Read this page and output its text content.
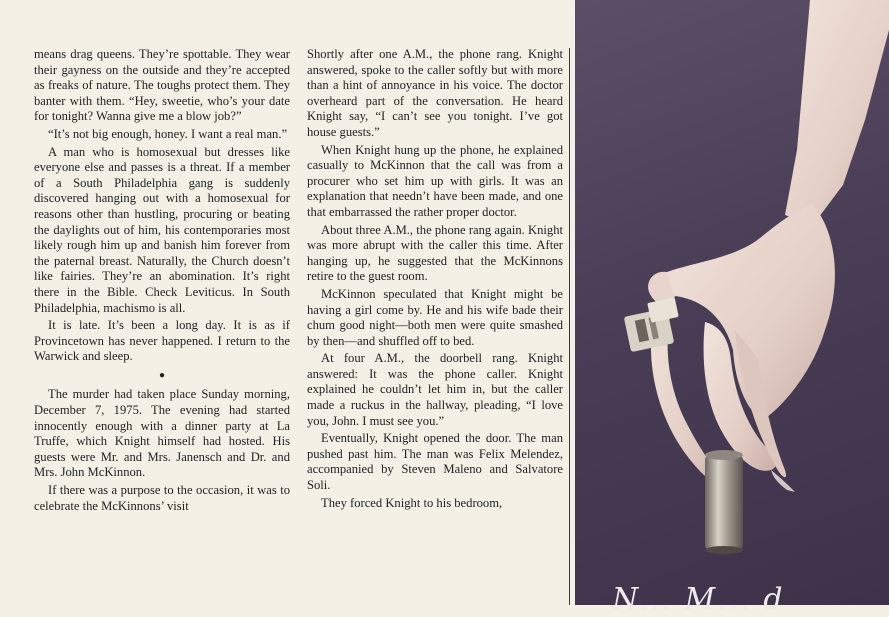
means drag queens. They’re spottable. They wear their gayness on the outside and they’re accepted as freaks of nature. The toughs protect them. They banter with them. “Hey, sweetie, who’s your date for tonight? Wanna give me a blow job?”

“It’s not big enough, honey. I want a real man.”

A man who is homosexual but dresses like everyone else and passes is a threat. If a member of a South Philadelphia gang is suddenly discovered hanging out with a homosexual for reasons other than hustling, procuring or beating the daylights out of him, his contemporaries most likely rough him up and banish him forever from the paternal breast. Naturally, the Church doesn’t like fairies. They’re an abomination. It’s right there in the Bible. Check Leviticus. In South Philadelphia, machismo is all.

It is late. It’s been a long day. It is as if Provincetown has never happened. I return to the Warwick and sleep.

●

The murder had taken place Sunday morning, December 7, 1975. The evening had started innocently enough with a dinner party at La Truffe, which Knight himself had hosted. His guests were Mr. and Mrs. Janensch and Dr. and Mrs. John McKinnon.

If there was a purpose to the occasion, it was to celebrate the McKinnons’ visit

Shortly after one A.M., the phone rang. Knight answered, spoke to the caller softly but with more than a hint of annoyance in his voice. The doctor overheard part of the conversation. He heard Knight say, “I can’t see you tonight. I’ve got house guests.”

When Knight hung up the phone, he explained casually to McKinnon that the call was from a procurer who set him up with girls. It was an explanation that needn’t have been made, and one that embarrassed the rather proper doctor.

About three A.M., the phone rang again. Knight was more abrupt with the caller this time. After hanging up, he suggested that the McKinnons retire to the guest room.

McKinnon speculated that Knight might be having a girl come by. He and his wife bade their chum good night—both men were quite smashed by then—and shuffled off to bed.

At four A.M., the doorbell rang. Knight answered: It was the phone caller. Knight explained he couldn’t let him in, but the caller made a ruckus in the hallway, pleading, “I love you, John. I must see you.”

Eventually, Knight opened the door. The man pushed past him. The man was Felix Melendez, accompanied by Steven Maleno and Salvatore Soli.

They forced Knight to his bedroom,

N... M... d
